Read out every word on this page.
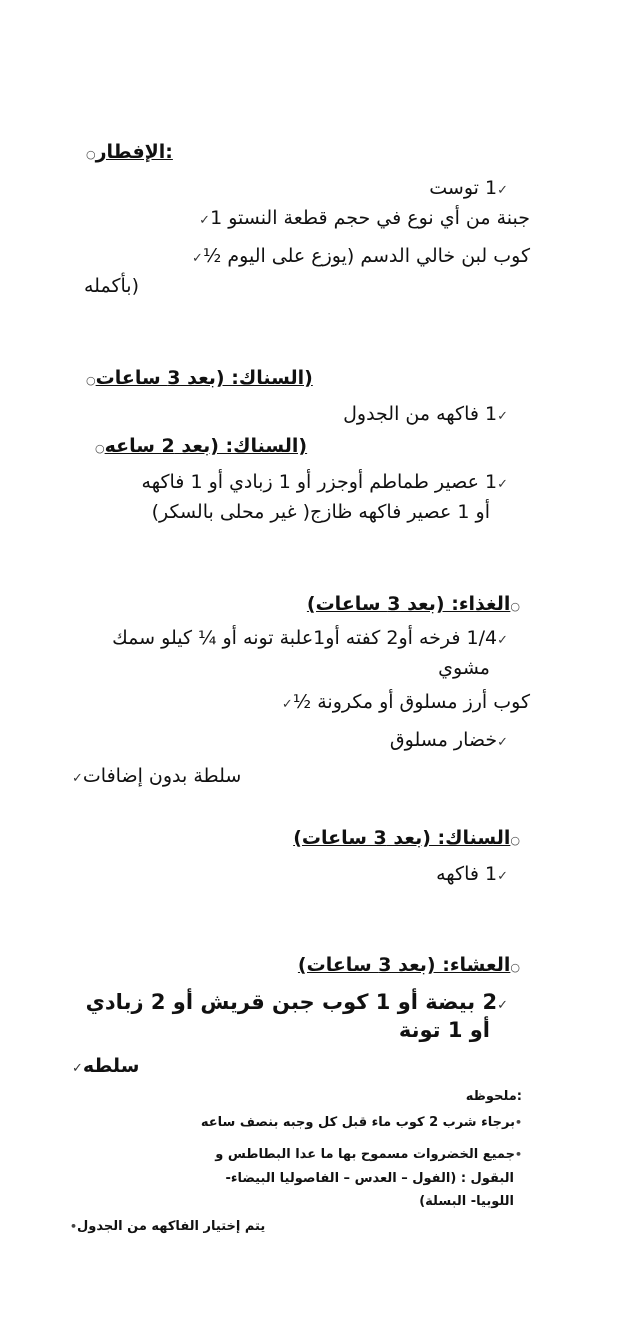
:الإفطار○
✓1 توست
جبنة من أي نوع في حجم قطعة النستو 1✓
كوب لبن خالي الدسم (يوزع على اليوم ½✓
(بأكمله
(السناك: (بعد 3 ساعات○
✓1 فاكهه من الجدول
(السناك: (بعد 2 ساعه○
✓1 عصير طماطم أوجزر أو 1 زبادي أو 1 فاكهه
أو 1 عصير فاكهه ظازج( غير محلى بالسكر)
○الغذاء: (بعد 3 ساعات)
✓1/4 فرخه أو2 كفته أو1علبة تونه أو ¼ كيلو سمك
مشوي
كوب أرز مسلوق أو مكرونة ½✓
✓خضار مسلوق
سلطة بدون إضافات✓
○السناك: (بعد 3 ساعات)
✓1 فاكهه
○العشاء: (بعد 3 ساعات)
✓2 بيضة أو 1 كوب جبن قريش أو 2 زبادي
أو 1 تونة
سلطه✓
:ملحوظه
•برجاء شرب 2 كوب ماء قبل كل وجبه بنصف ساعه
•جميع الخضروات مسموح بها ما عدا البطاطس و
البقول : (الفول – العدس – الفاصوليا البيضاء-
اللوبيا- البسلة)
يتم إختيار الفاكهه من الجدول•
